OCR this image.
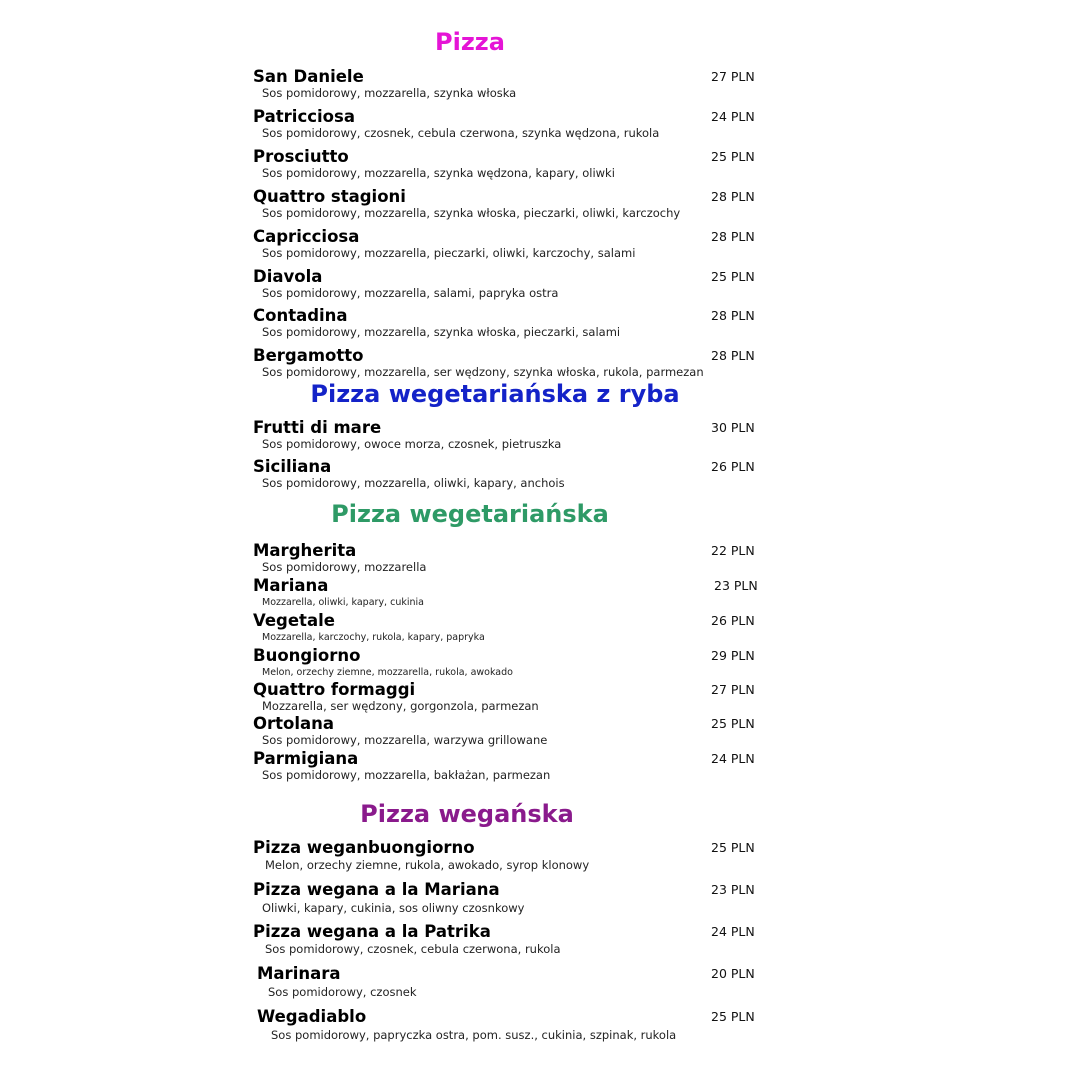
Pizza
San Daniele
Sos pomidorowy, mozzarella, szynka włoska
27 PLN
Patricciosa
Sos pomidorowy, czosnek, cebula czerwona, szynka wędzona, rukola
24 PLN
Prosciutto
Sos pomidorowy, mozzarella, szynka wędzona, kapary, oliwki
25 PLN
Quattro stagioni
Sos pomidorowy, mozzarella, szynka włoska, pieczarki, oliwki, karczochy
28 PLN
Capricciosa
Sos pomidorowy, mozzarella, pieczarki, oliwki, karczochy, salami
28 PLN
Diavola
Sos pomidorowy, mozzarella, salami, papryka ostra
25 PLN
Contadina
Sos pomidorowy, mozzarella, szynka włoska, pieczarki, salami
28 PLN
Bergamotto
Sos pomidorowy, mozzarella, ser wędzony, szynka włoska, rukola, parmezan
28 PLN
Pizza wegetariańska z ryba
Frutti di mare
Sos pomidorowy, owoce morza, czosnek, pietruszka
30 PLN
Siciliana
Sos pomidorowy, mozzarella, oliwki, kapary, anchois
26 PLN
Pizza wegetariańska
Margherita
Sos pomidorowy, mozzarella
22 PLN
Mariana
Mozzarella, oliwki, kapary, cukinia
23 PLN
Vegetale
Mozzarella, karczochy, rukola, kapary, papryka
26 PLN
Buongiorno
Melon, orzechy ziemne, mozzarella, rukola, awokado
29 PLN
Quattro formaggi
Mozzarella, ser wędzony, gorgonzola, parmezan
27 PLN
Ortolana
Sos pomidorowy, mozzarella, warzywa grillowane
25 PLN
Parmigiana
Sos pomidorowy, mozzarella, bakłażan, parmezan
24 PLN
Pizza wegańska
Pizza weganbuongiorno
Melon, orzechy ziemne, rukola, awokado, syrop klonowy
25 PLN
Pizza wegana a la Mariana
Oliwki, kapary, cukinia, sos oliwny czosnkowy
23 PLN
Pizza wegana a la Patrika
Sos pomidorowy, czosnek, cebula czerwona, rukola
24 PLN
Marinara
Sos pomidorowy, czosnek
20 PLN
Wegadiablo
Sos pomidorowy, papryczka ostra, pom. susz., cukinia, szpinak, rukola
25 PLN
